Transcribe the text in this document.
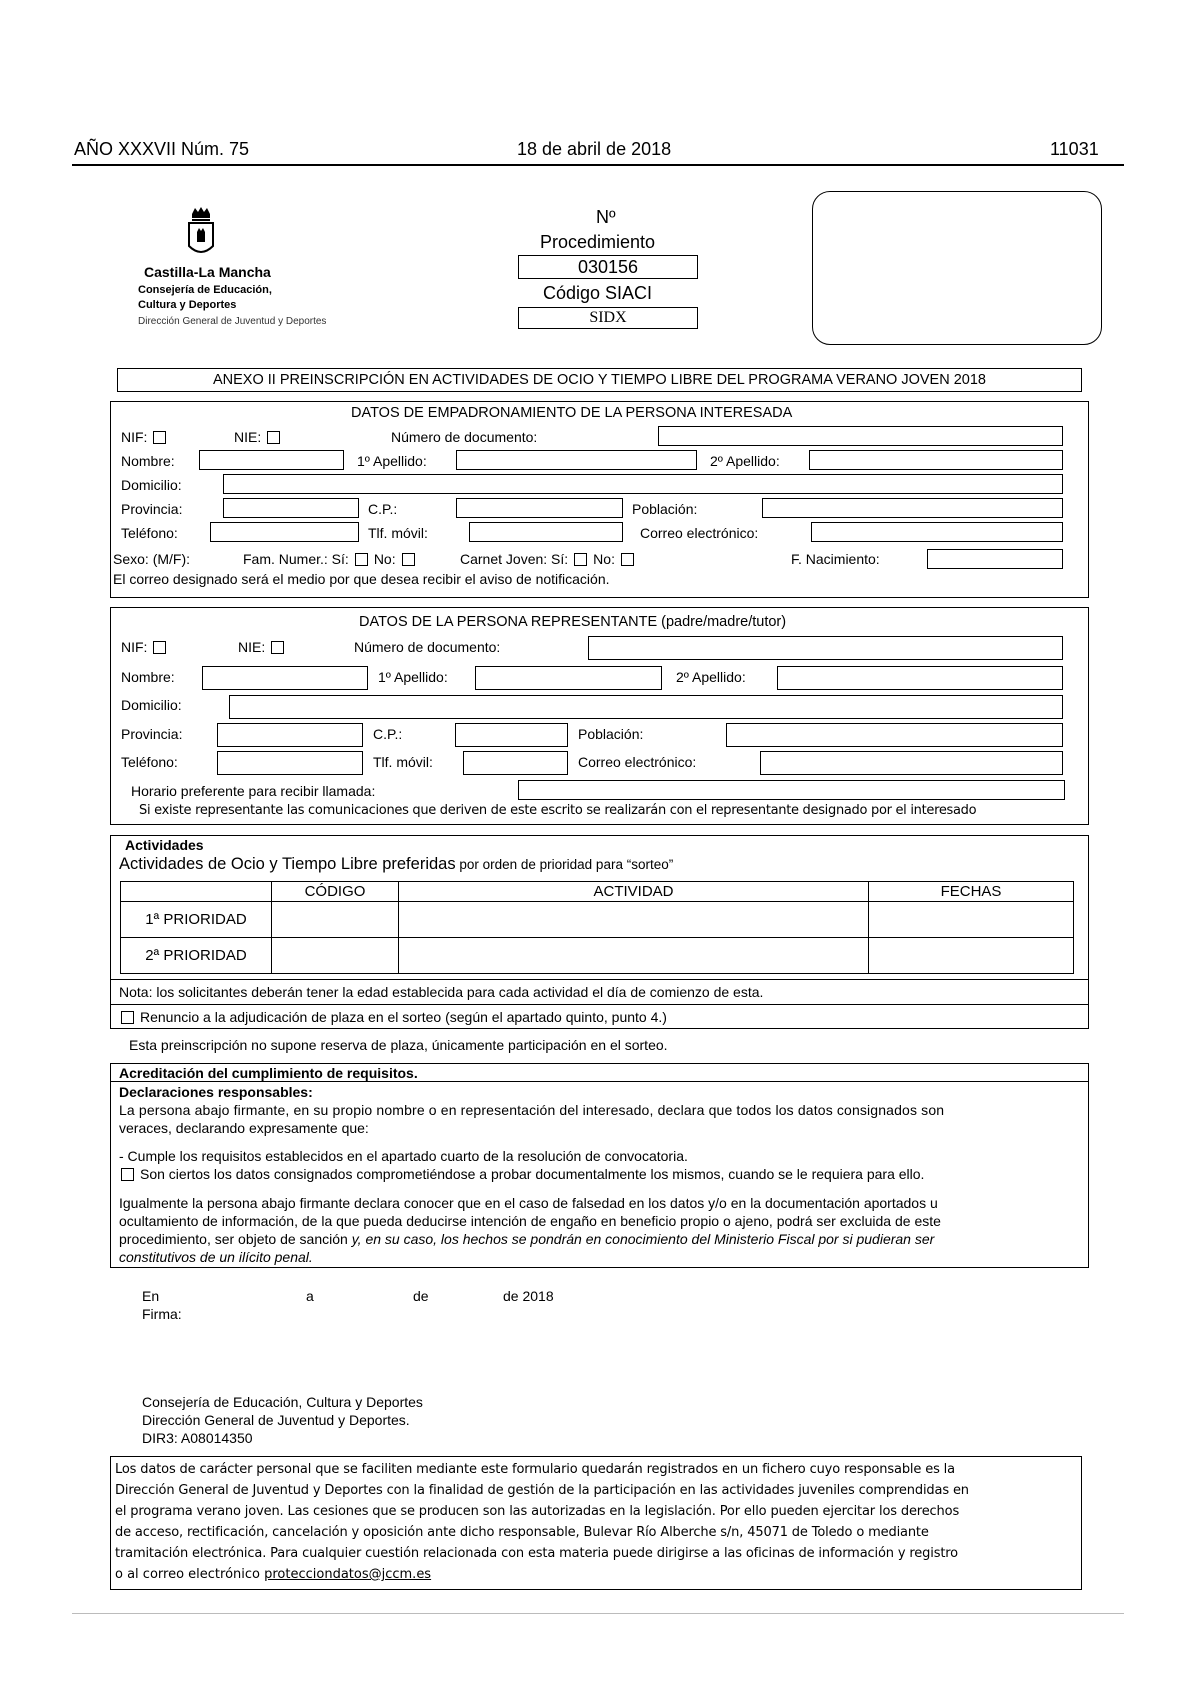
AÑO XXXVII Núm. 75	18 de abril de 2018	11031
Castilla-La Mancha
Consejería de Educación,
Cultura y Deportes
Dirección General de Juventud y Deportes
Nº
Procedimiento
030156
Código SIACI
SIDX
ANEXO II PREINSCRIPCIÓN EN ACTIVIDADES DE OCIO Y TIEMPO LIBRE DEL PROGRAMA VERANO JOVEN 2018
DATOS DE EMPADRONAMIENTO DE LA PERSONA INTERESADA
NIF:	NIE:	Número de documento:
Nombre:	1º Apellido:	2º Apellido:
Domicilio:
Provincia:	C.P.:	Población:
Teléfono:	Tlf. móvil:	Correo electrónico:
Sexo: (M/F):	Fam. Numer.: Sí: No:	Carnet Joven: Sí: No:	F. Nacimiento:
El correo designado será el medio por que desea recibir el aviso de notificación.
DATOS DE LA PERSONA REPRESENTANTE (padre/madre/tutor)
NIF:	NIE:	Número de documento:
Nombre:	1º Apellido:	2º Apellido:
Domicilio:
Provincia:	C.P.:	Población:
Teléfono:	Tlf. móvil:	Correo electrónico:
Horario preferente para recibir llamada:
Si existe representante las comunicaciones que deriven de este escrito se realizarán con el representante designado por el interesado
Actividades
Actividades de Ocio y Tiempo Libre preferidas por orden de prioridad para “sorteo”
	CÓDIGO	ACTIVIDAD	FECHAS
1ª PRIORIDAD			
2ª PRIORIDAD			
Nota: los solicitantes deberán tener la edad establecida para cada actividad el día de comienzo de esta.
Renuncio a la adjudicación de plaza en el sorteo (según el apartado quinto, punto 4.)
Esta preinscripción no supone reserva de plaza, únicamente participación en el sorteo.
Acreditación del cumplimiento de requisitos.
Declaraciones responsables:
La persona abajo firmante, en su propio nombre o en representación del interesado, declara que todos los datos consignados son
veraces, declarando expresamente que:
- Cumple los requisitos establecidos en el apartado cuarto de la resolución de convocatoria.
Son ciertos los datos consignados comprometiéndose a probar documentalmente los mismos, cuando se le requiera para ello.
Igualmente la persona abajo firmante declara conocer que en el caso de falsedad en los datos y/o en la documentación aportados u
ocultamiento de información, de la que pueda deducirse intención de engaño en beneficio propio o ajeno, podrá ser excluida de este
procedimiento, ser objeto de sanción y, en su caso, los hechos se pondrán en conocimiento del Ministerio Fiscal por si pudieran ser
constitutivos de un ilícito penal.
En	a	de	de 2018
Firma:
Consejería de Educación, Cultura y Deportes
Dirección General de Juventud y Deportes.
DIR3: A08014350
Los datos de carácter personal que se faciliten mediante este formulario quedarán registrados en un fichero cuyo responsable es la
Dirección General de Juventud y Deportes con la finalidad de gestión de la participación en las actividades juveniles comprendidas en
el programa verano joven. Las cesiones que se producen son las autorizadas en la legislación. Por ello pueden ejercitar los derechos
de acceso, rectificación, cancelación y oposición ante dicho responsable, Bulevar Río Alberche s/n, 45071 de Toledo o mediante
tramitación electrónica. Para cualquier cuestión relacionada con esta materia puede dirigirse a las oficinas de información y registro
o al correo electrónico protecciondatos@jccm.es
